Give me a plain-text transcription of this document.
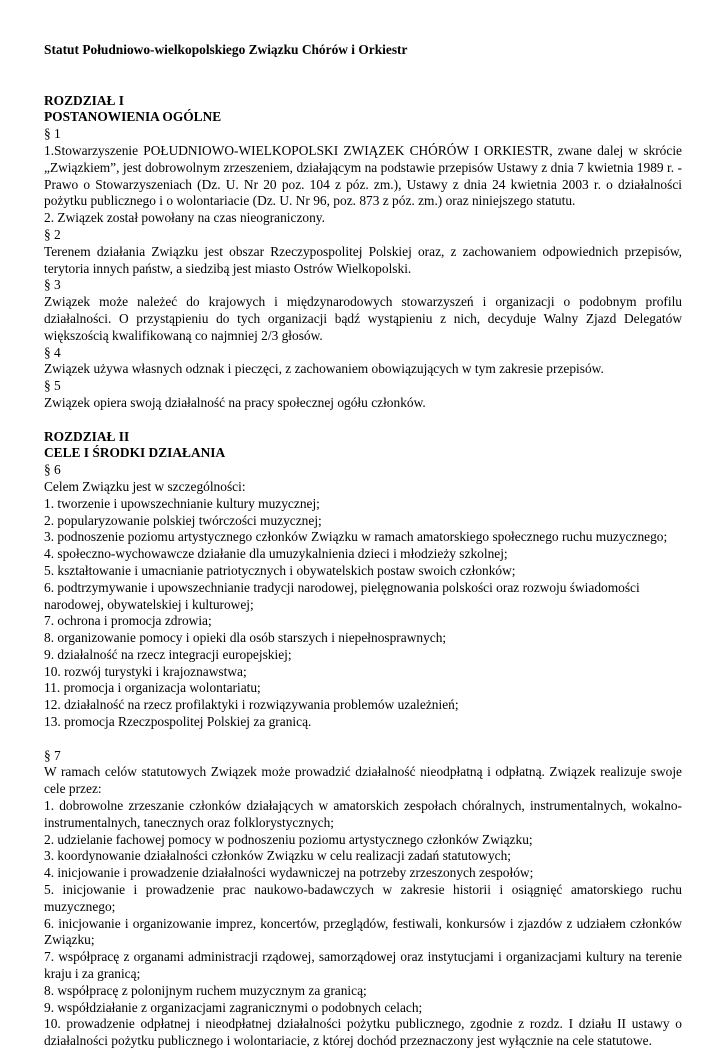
Statut Południowo-wielkopolskiego Związku Chórów i Orkiestr

ROZDZIAŁ I

POSTANOWIENIA OGÓLNE

§ 1

1.Stowarzyszenie POŁUDNIOWO-WIELKOPOLSKI ZWIĄZEK CHÓRÓW I ORKIESTR, zwane dalej w skrócie „Związkiem”, jest dobrowolnym zrzeszeniem, działającym na podstawie przepisów Ustawy z dnia 7 kwietnia 1989 r. - Prawo o Stowarzyszeniach (Dz. U. Nr 20 poz. 104 z póz. zm.), Ustawy z dnia 24 kwietnia 2003 r. o działalności pożytku publicznego i o wolontariacie (Dz. U. Nr 96, poz. 873 z póz. zm.) oraz niniejszego statutu.

2. Związek został powołany na czas nieograniczony.

§ 2

Terenem działania Związku jest obszar Rzeczypospolitej Polskiej oraz, z zachowaniem odpowiednich przepisów, terytoria innych państw, a siedzibą jest miasto Ostrów Wielkopolski.

§ 3

Związek może należeć do krajowych i międzynarodowych stowarzyszeń i organizacji o podobnym profilu działalności. O przystąpieniu do tych organizacji bądź wystąpieniu z nich, decyduje Walny Zjazd Delegatów większością kwalifikowaną co najmniej 2/3 głosów.

§ 4

Związek używa własnych odznak i pieczęci, z zachowaniem obowiązujących w tym zakresie przepisów.

§ 5

Związek opiera swoją działalność na pracy społecznej ogółu członków.

ROZDZIAŁ II

CELE I ŚRODKI DZIAŁANIA

§ 6

Celem Związku jest w szczególności:

1. tworzenie i upowszechnianie kultury muzycznej;

2. popularyzowanie polskiej twórczości muzycznej;

3. podnoszenie poziomu artystycznego członków Związku w ramach amatorskiego społecznego ruchu muzycznego;

4. społeczno-wychowawcze działanie dla umuzykalnienia dzieci i młodzieży szkolnej;

5. kształtowanie i umacnianie patriotycznych i obywatelskich postaw swoich członków;

6. podtrzymywanie i upowszechnianie tradycji narodowej, pielęgnowania polskości oraz rozwoju świadomości narodowej, obywatelskiej i kulturowej;

7. ochrona i promocja zdrowia;

8. organizowanie pomocy i opieki dla osób starszych i niepełnosprawnych;

9. działalność na rzecz integracji europejskiej;

10. rozwój turystyki i krajoznawstwa;

11. promocja i organizacja wolontariatu;

12. działalność na rzecz profilaktyki i rozwiązywania problemów uzależnień;

13. promocja Rzeczpospolitej Polskiej za granicą.

§ 7

W ramach celów statutowych Związek może prowadzić działalność nieodpłatną i odpłatną. Związek realizuje swoje cele przez:

1. dobrowolne zrzeszanie członków działających w amatorskich zespołach chóralnych, instrumentalnych, wokalno-instrumentalnych, tanecznych oraz folklorystycznych;

2. udzielanie fachowej pomocy w podnoszeniu poziomu artystycznego członków Związku;

3. koordynowanie działalności członków Związku w celu realizacji zadań statutowych;

4. inicjowanie i prowadzenie działalności wydawniczej na potrzeby zrzeszonych zespołów;

5. inicjowanie i prowadzenie prac naukowo-badawczych w zakresie historii i osiągnięć amatorskiego ruchu muzycznego;

6. inicjowanie i organizowanie imprez, koncertów, przeglądów, festiwali, konkursów i zjazdów z udziałem członków Związku;

7. współpracę z organami administracji rządowej, samorządowej oraz instytucjami i organizacjami kultury na terenie kraju i za granicą;

8. współpracę z polonijnym ruchem muzycznym za granicą;

9. współdziałanie z organizacjami zagranicznymi o podobnych celach;

10. prowadzenie odpłatnej i nieodpłatnej działalności pożytku publicznego, zgodnie z rozdz. I działu II ustawy o działalności pożytku publicznego i wolontariacie, z której dochód przeznaczony jest wyłącznie na cele statutowe.
